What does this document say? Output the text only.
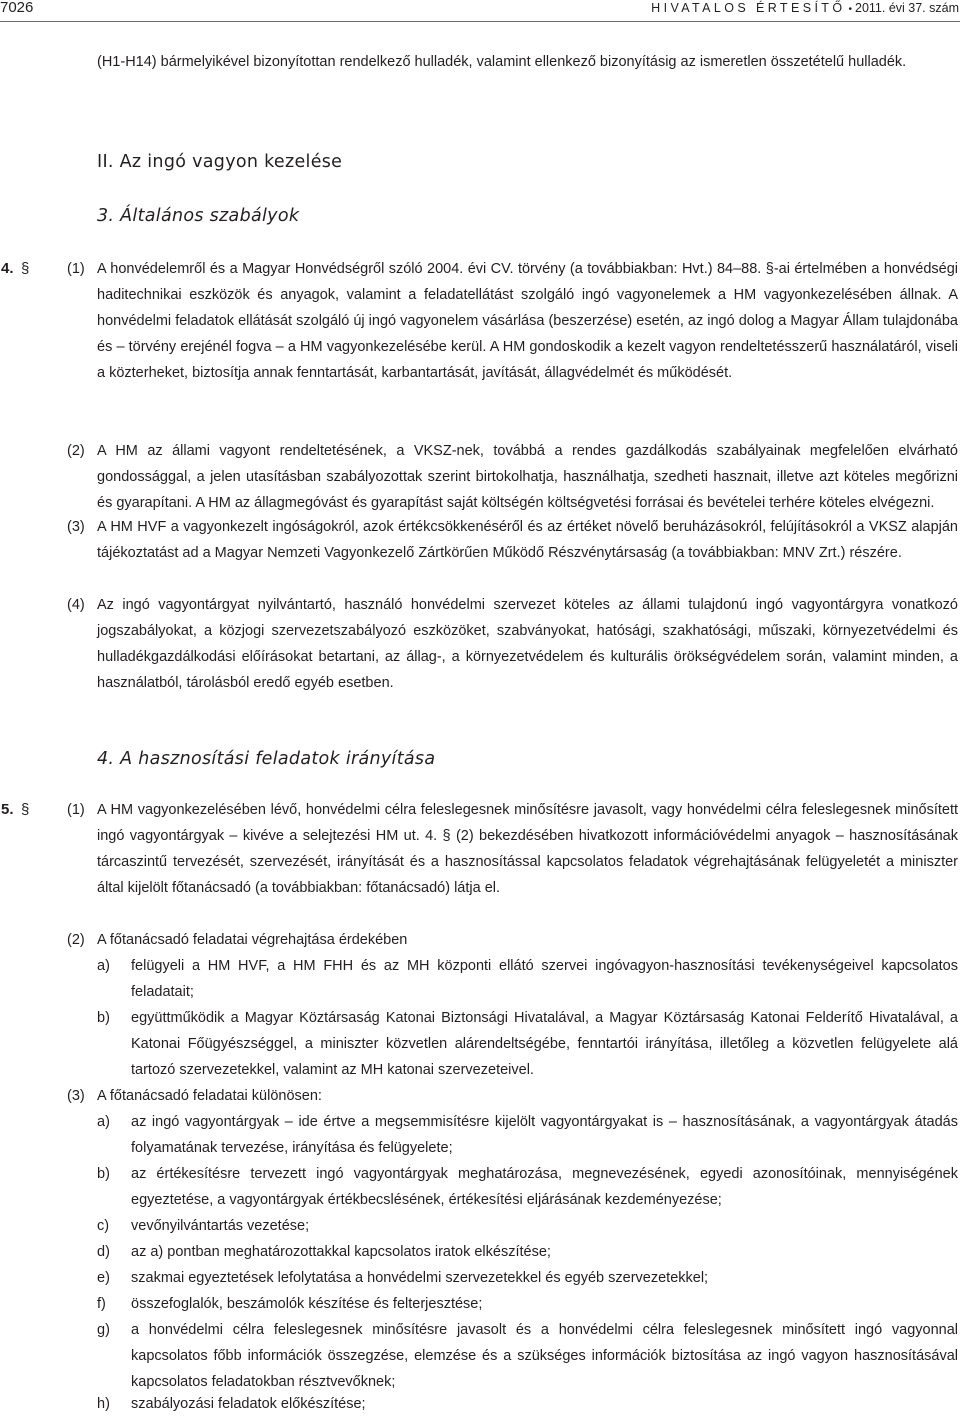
7026	HIVATALOS ÉRTESÍTŐ • 2011. évi 37. szám
(H1-H14) bármelyikével bizonyítottan rendelkező hulladék, valamint ellenkező bizonyításig az ismeretlen összetételű hulladék.
II. Az ingó vagyon kezelése
3. Általános szabályok
4. §	(1) A honvédelemről és a Magyar Honvédségről szóló 2004. évi CV. törvény (a továbbiakban: Hvt.) 84–88. §-ai értelmében a honvédségi haditechnikai eszközök és anyagok, valamint a feladatellátást szolgáló ingó vagyonelemek a HM vagyonkezelésében állnak. A honvédelmi feladatok ellátását szolgáló új ingó vagyonelem vásárlása (beszerzése) esetén, az ingó dolog a Magyar Állam tulajdonába és – törvény erejénél fogva – a HM vagyonkezelésébe kerül. A HM gondoskodik a kezelt vagyon rendeltetésszerű használatáról, viseli a közterheket, biztosítja annak fenntartását, karbantartását, javítását, állagvédelmét és működését.
(2) A HM az állami vagyont rendeltetésének, a VKSZ-nek, továbbá a rendes gazdálkodás szabályainak megfelelően elvárható gondossággal, a jelen utasításban szabályozottak szerint birtokolhatja, használhatja, szedheti hasznait, illetve azt köteles megőrizni és gyarapítani. A HM az állagmegóvást és gyarapítást saját költségén költségvetési forrásai és bevételei terhére köteles elvégezni.
(3) A HM HVF a vagyonkezelt ingóságokról, azok értékcsökkenéséről és az értéket növelő beruházásokról, felújításokról a VKSZ alapján tájékoztatást ad a Magyar Nemzeti Vagyonkezelő Zártkörűen Működő Részvénytársaság (a továbbiakban: MNV Zrt.) részére.
(4) Az ingó vagyontárgyat nyilvántartó, használó honvédelmi szervezet köteles az állami tulajdonú ingó vagyontárgyra vonatkozó jogszabályokat, a közjogi szervezetszabályozó eszközöket, szabványokat, hatósági, szakhatósági, műszaki, környezetvédelmi és hulladékgazdálkodási előírásokat betartani, az állag-, a környezetvédelem és kulturális örökségvédelem során, valamint minden, a használatból, tárolásból eredő egyéb esetben.
4. A hasznosítási feladatok irányítása
5. §	(1) A HM vagyonkezelésében lévő, honvédelmi célra feleslegesnek minősítésre javasolt, vagy honvédelmi célra feleslegesnek minősített ingó vagyontárgyak – kivéve a selejtezési HM ut. 4. § (2) bekezdésében hivatkozott információvédelmi anyagok – hasznosításának tárcaszintű tervezését, szervezését, irányítását és a hasznosítással kapcsolatos feladatok végrehajtásának felügyeletét a miniszter által kijelölt főtanácsadó (a továbbiakban: főtanácsadó) látja el.
(2) A főtanácsadó feladatai végrehajtása érdekében
a) felügyeli a HM HVF, a HM FHH és az MH központi ellátó szervei ingóvagyon-hasznosítási tevékenységeivel kapcsolatos feladatait;
b) együttműködik a Magyar Köztársaság Katonai Biztonsági Hivatalával, a Magyar Köztársaság Katonai Felderítő Hivatalával, a Katonai Főügyészséggel, a miniszter közvetlen alárendeltségébe, fenntartói irányítása, illetőleg a közvetlen felügyelete alá tartozó szervezetekkel, valamint az MH katonai szervezeteivel.
(3) A főtanácsadó feladatai különösen:
a) az ingó vagyontárgyak – ide értve a megsemmisítésre kijelölt vagyontárgyakat is – hasznosításának, a vagyontárgyak átadás folyamatának tervezése, irányítása és felügyelete;
b) az értékesítésre tervezett ingó vagyontárgyak meghatározása, megnevezésének, egyedi azonosítóinak, mennyiségének egyeztetése, a vagyontárgyak értékbecslésének, értékesítési eljárásának kezdeményezése;
c) vevőnyilvántartás vezetése;
d) az a) pontban meghatározottakkal kapcsolatos iratok elkészítése;
e) szakmai egyeztetések lefolytatása a honvédelmi szervezetekkel és egyéb szervezetekkel;
f) összefoglalók, beszámolók készítése és felterjesztése;
g) a honvédelmi célra feleslegesnek minősítésre javasolt és a honvédelmi célra feleslegesnek minősített ingó vagyonnal kapcsolatos főbb információk összegzése, elemzése és a szükséges információk biztosítása az ingó vagyon hasznosításával kapcsolatos feladatokban résztvevőknek;
h) szabályozási feladatok előkészítése;
